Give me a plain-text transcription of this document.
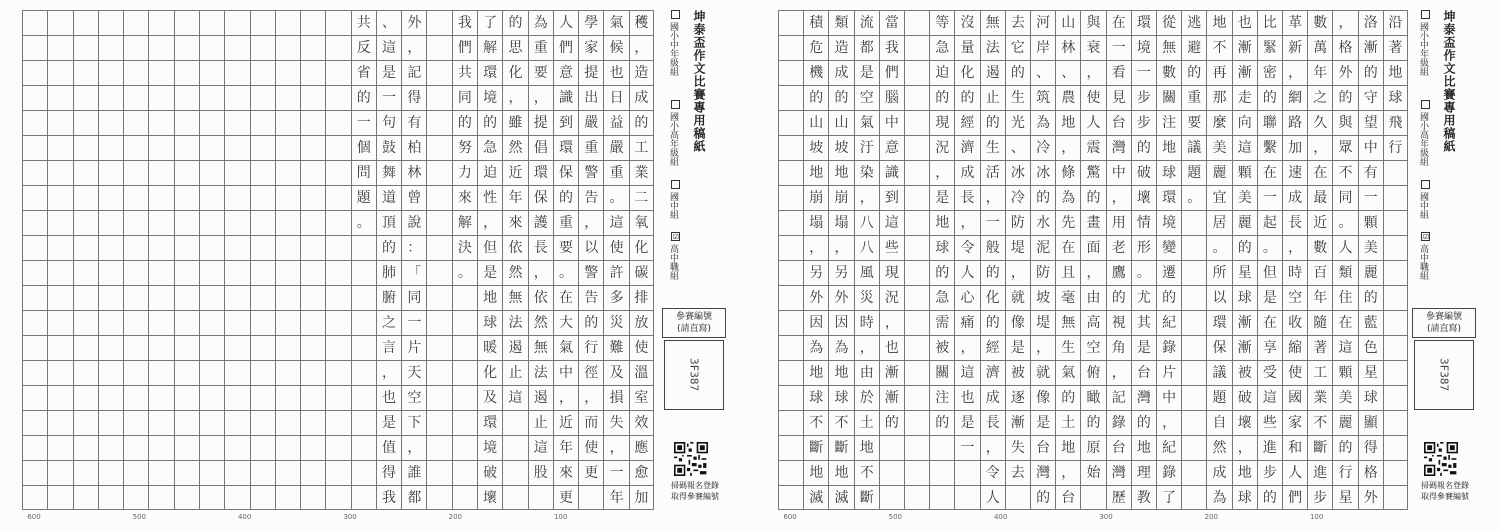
共
反
省
的
一
個
問
題
。
、
這
是
一
句
鼓
舞
道
頂
的
肺
腑
之
言
，
也
是
值
得
我
外
，
記
得
有
柏
林
曾
說
：
「
同
一
片
天
空
下
，
誰
都
我
們
共
同
的
努
力
來
解
決
。
了
解
環
境
的
急
迫
性
，
但
是
地
球
暖
化
及
環
境
破
壞
的
思
化
，
雖
然
近
年
來
依
然
無
法
遏
止
這
為
重
要
，
提
倡
環
保
護
長
，
依
然
無
法
遏
止
這
股
人
們
意
識
到
環
保
的
重
要
。
在
大
氣
中
，
近
年
來
更
學
家
提
出
嚴
重
警
告
，
以
警
告
的
行
徑
，
而
使
更
氣
候
也
日
益
嚴
重
。
這
使
許
多
災
難
及
損
失
，
一
年
穫
，
造
成
的
工
業
二
氧
化
碳
排
放
使
溫
室
效
應
愈
加
600	500	400	300	200	100
坤泰盃作文比賽專用稿紙
國小中年級組
國小高年級組
國中組
☑高中職組
參賽編號
(請直寫)
3F387
掃碼報名登錄
取得參賽編號
積
危
機
的
山
坡
地
崩
塌
，
另
外
因
為
地
球
不
斷
地
滅
類
造
成
的
山
坡
地
崩
塌
，
另
外
因
為
地
球
不
斷
地
滅
流
都
是
空
氣
汙
染
，
八
八
風
災
時
，
由
於
土
地
不
斷
當
我
們
腦
中
意
識
到
這
些
現
況
，
也
漸
漸
的
等
急
迫
的
現
況
，
是
地
球
的
急
需
被
關
注
的
沒
量
化
的
經
濟
成
長
，
令
人
心
痛
，
這
也
是
一
無
法
遏
止
的
生
活
，
一
般
的
化
的
經
濟
成
長
，
令
人
去
它
的
生
光
、
冰
冷
防
堤
，
就
像
是
被
逐
漸
失
去
河
岸
、
筑
為
冷
冰
的
水
泥
防
坡
堤
，
就
像
是
台
灣
的
山
林
、
農
地
，
條
為
先
在
且
毫
無
生
氣
的
土
地
，
台
與
衰
，
使
人
震
驚
的
畫
面
，
由
高
空
俯
瞰
的
原
始
在
一
看
見
台
灣
中
，
用
老
鷹
的
視
角
，
記
錄
台
灣
歷
環
境
一
步
步
的
破
壞
情
形
。
尤
其
是
台
灣
的
地
理
教
從
無
數
關
注
地
球
環
境
變
遷
的
紀
錄
片
中
，
紀
錄
了
逃
避
的
重
要
議
題
。
地
不
再
那
麼
美
麗
宜
居
。
所
以
環
保
議
題
自
然
成
為
也
漸
漸
走
向
這
顆
美
麗
的
星
球
漸
漸
被
破
壞
，
地
球
比
緊
密
的
聯
繫
在
一
起
。
但
是
在
享
受
這
些
進
步
的
革
新
，
網
路
加
速
成
長
，
時
空
收
縮
使
國
家
和
人
們
數
萬
年
之
久
，
在
最
近
數
百
年
隨
著
工
業
不
斷
進
步
，
格
外
的
與
眾
不
同
。
人
類
住
在
這
顆
美
麗
的
行
星
洛
漸
的
守
望
中
有
一
顆
美
麗
的
藍
色
星
球
顯
得
格
外
沿
著
地
球
飛
行
600	500	400	300	200	100
坤泰盃作文比賽專用稿紙
國小中年級組
國小高年級組
國中組
☑高中職組
參賽編號
(請直寫)
3F387
掃碼報名登錄
取得參賽編號
